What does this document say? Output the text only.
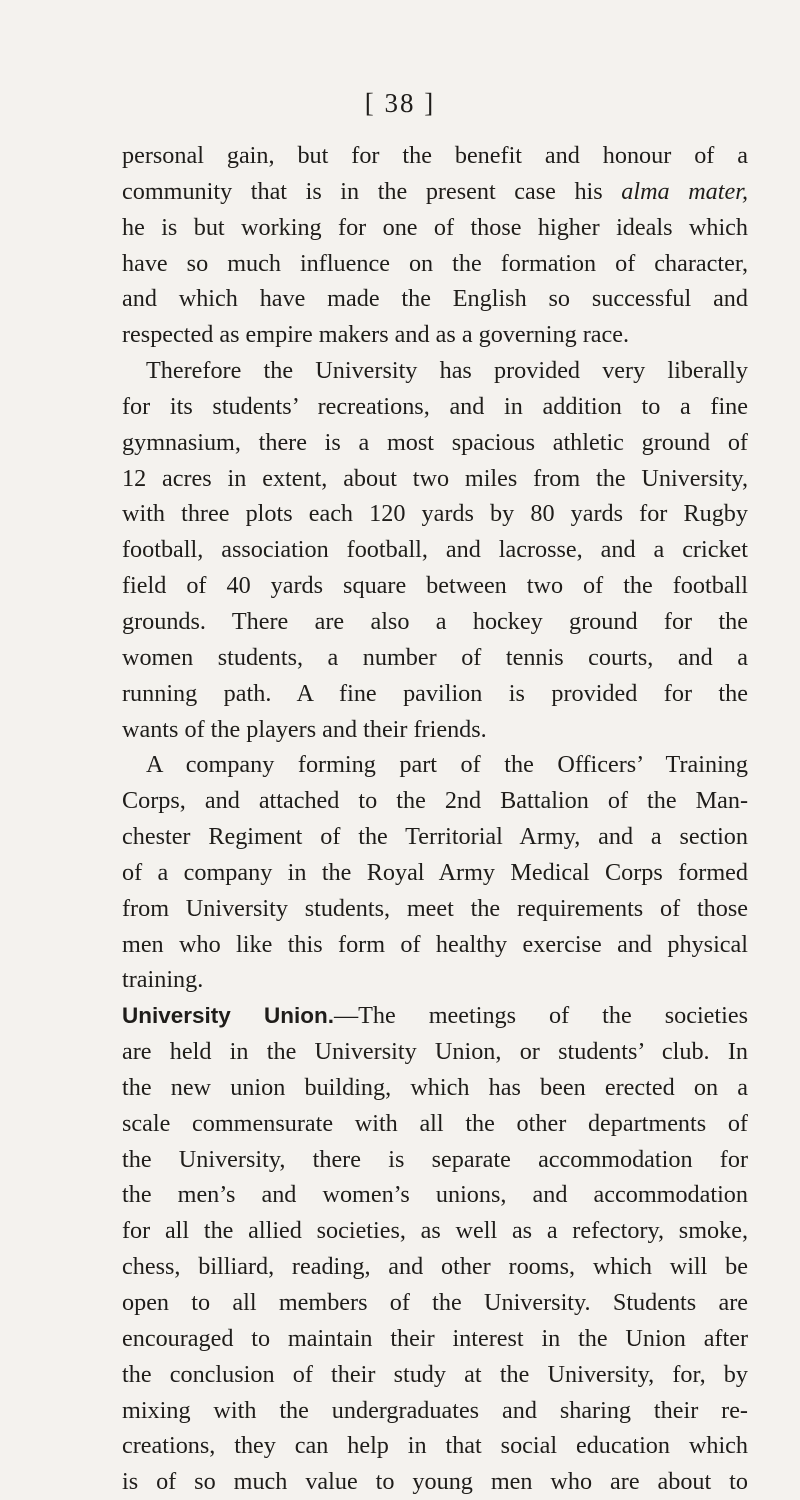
[ 38 ]
personal gain, but for the benefit and honour of a
community that is in the present case his alma mater,
he is but working for one of those higher ideals which
have so much influence on the formation of character,
and which have made the English so successful and
respected as empire makers and as a governing race.
Therefore the University has provided very liberally
for its students’ recreations, and in addition to a fine
gymnasium, there is a most spacious athletic ground of
12 acres in extent, about two miles from the University,
with three plots each 120 yards by 80 yards for Rugby
football, association football, and lacrosse, and a cricket
field of 40 yards square between two of the football
grounds. There are also a hockey ground for the
women students, a number of tennis courts, and a
running path. A fine pavilion is provided for the
wants of the players and their friends.
A company forming part of the Officers’ Training
Corps, and attached to the 2nd Battalion of the Man-
chester Regiment of the Territorial Army, and a section
of a company in the Royal Army Medical Corps formed
from University students, meet the requirements of those
men who like this form of healthy exercise and physical
training.
University Union.—The meetings of the societies
are held in the University Union, or students’ club. In
the new union building, which has been erected on a
scale commensurate with all the other departments of
the University, there is separate accommodation for
the men’s and women’s unions, and accommodation
for all the allied societies, as well as a refectory, smoke,
chess, billiard, reading, and other rooms, which will be
open to all members of the University. Students are
encouraged to maintain their interest in the Union after
the conclusion of their study at the University, for, by
mixing with the undergraduates and sharing their re-
creations, they can help in that social education which
is of so much value to young men who are about to
